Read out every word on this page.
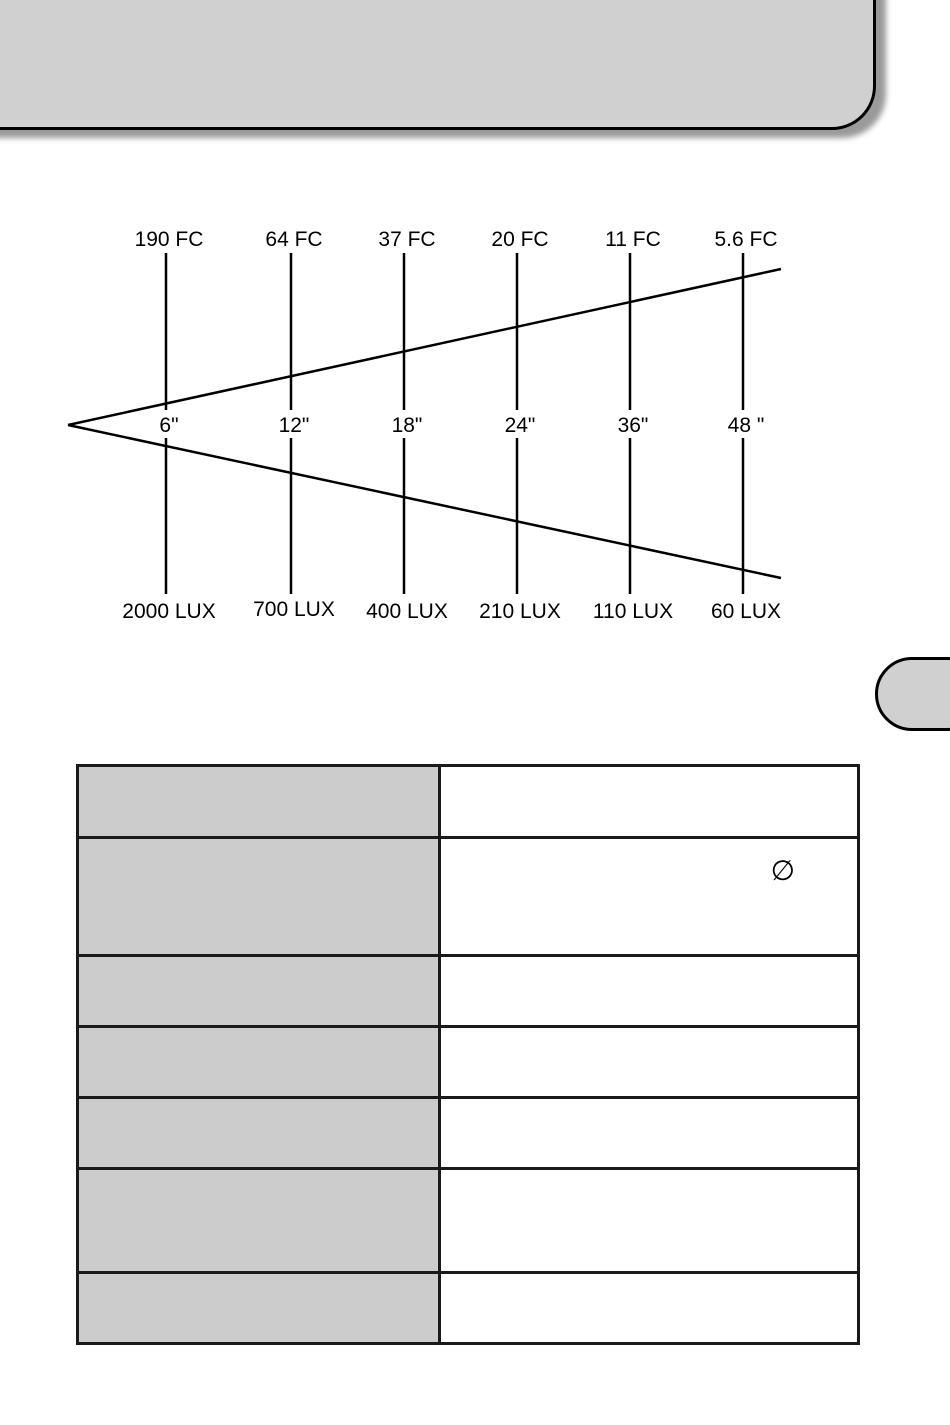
190 FC
6"
2000 LUX
64 FC
12"
700 LUX
37 FC
18"
400 LUX
20 FC
24"
210 LUX
11 FC
36"
110 LUX
5.6 FC
48 "
60 LUX

	∅
